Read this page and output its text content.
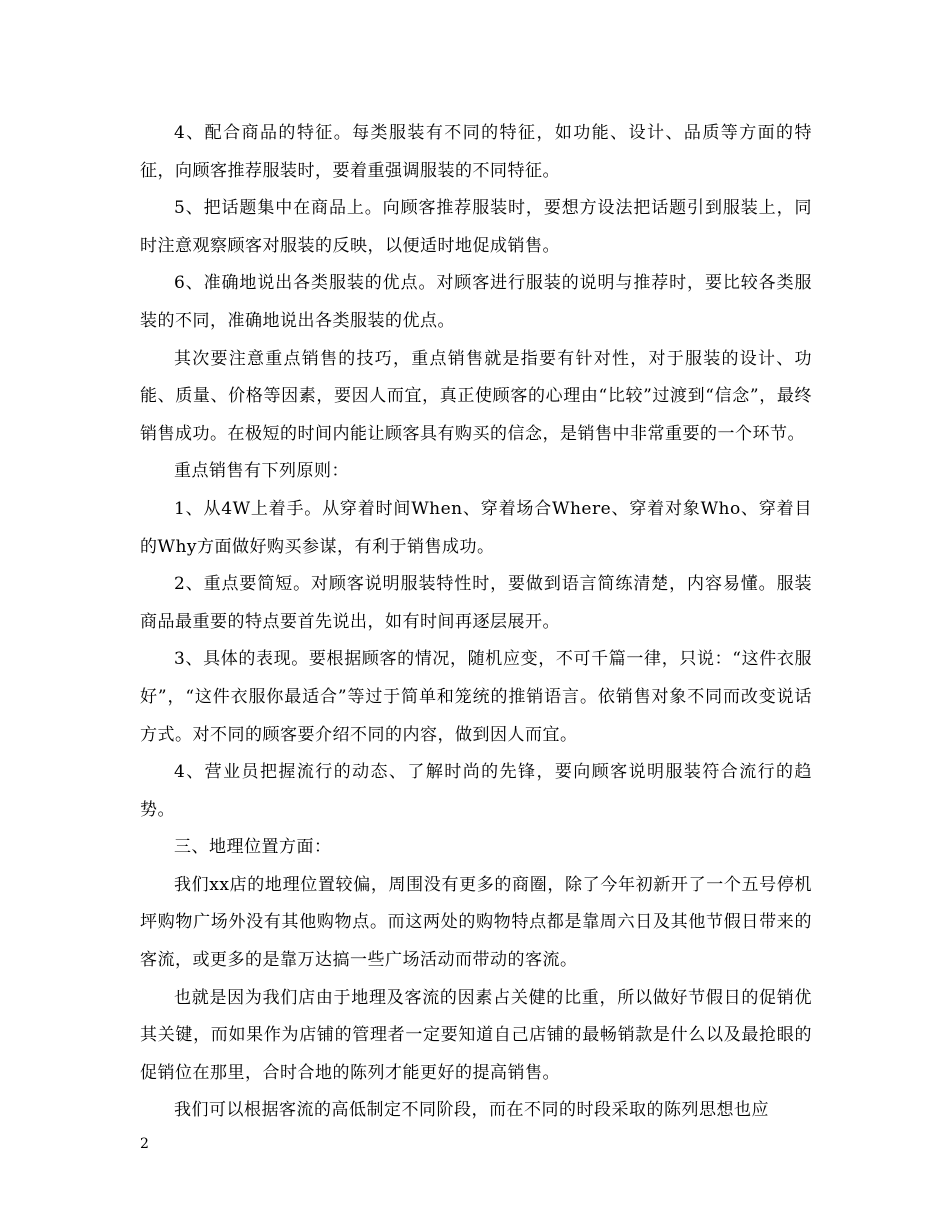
4、配合商品的特征。每类服装有不同的特征，如功能、设计、品质等方面的特征，向顾客推荐服装时，要着重强调服装的不同特征。

5、把话题集中在商品上。向顾客推荐服装时，要想方设法把话题引到服装上，同时注意观察顾客对服装的反映，以便适时地促成销售。

6、准确地说出各类服装的优点。对顾客进行服装的说明与推荐时，要比较各类服装的不同，准确地说出各类服装的优点。

其次要注意重点销售的技巧，重点销售就是指要有针对性，对于服装的设计、功能、质量、价格等因素，要因人而宜，真正使顾客的心理由“比较”过渡到“信念”，最终销售成功。在极短的时间内能让顾客具有购买的信念，是销售中非常重要的一个环节。

重点销售有下列原则：

1、从4W上着手。从穿着时间When、穿着场合Where、穿着对象Who、穿着目的Why方面做好购买参谋，有利于销售成功。

2、重点要简短。对顾客说明服装特性时，要做到语言简练清楚，内容易懂。服装商品最重要的特点要首先说出，如有时间再逐层展开。

3、具体的表现。要根据顾客的情况，随机应变，不可千篇一律，只说：“这件衣服好”，“这件衣服你最适合”等过于简单和笼统的推销语言。依销售对象不同而改变说话方式。对不同的顾客要介绍不同的内容，做到因人而宜。

4、营业员把握流行的动态、了解时尚的先锋，要向顾客说明服装符合流行的趋势。

三、地理位置方面：

我们xx店的地理位置较偏，周围没有更多的商圈，除了今年初新开了一个五号停机坪购物广场外没有其他购物点。而这两处的购物特点都是靠周六日及其他节假日带来的客流，或更多的是靠万达搞一些广场活动而带动的客流。

也就是因为我们店由于地理及客流的因素占关健的比重，所以做好节假日的促销优其关键，而如果作为店铺的管理者一定要知道自己店铺的最畅销款是什么以及最抢眼的促销位在那里，合时合地的陈列才能更好的提高销售。

我们可以根据客流的高低制定不同阶段，而在不同的时段采取的陈列思想也应

2
